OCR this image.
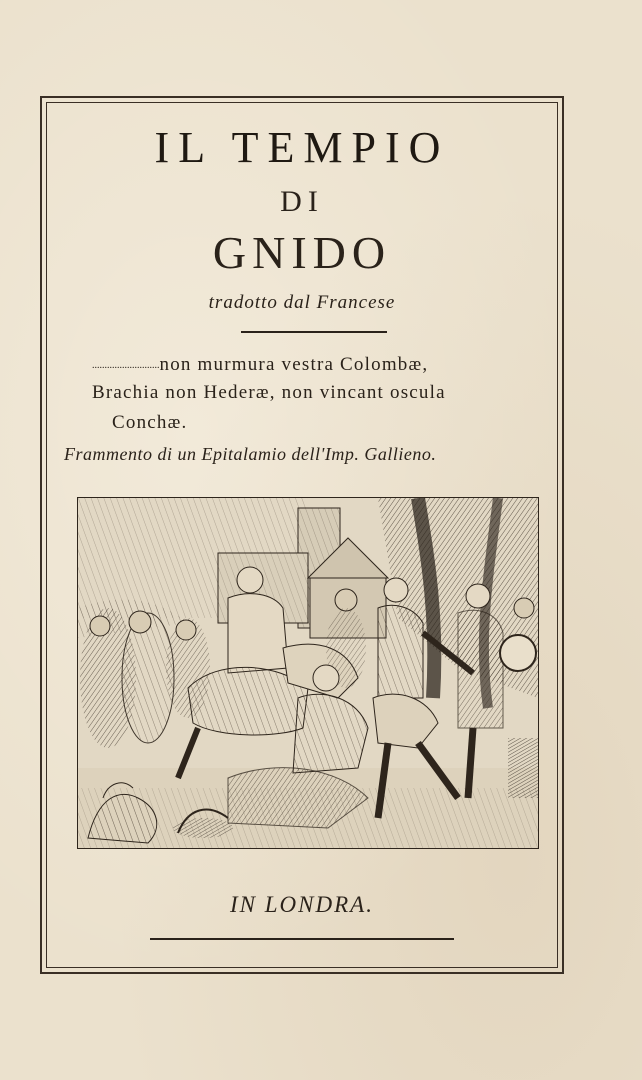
IL TEMPIO
DI
GNIDO
tradotto dal Francese
...........................non murmura vestra Colombæ,
Brachia non Hederæ, non vincant oscula
Conchæ.
Frammento di un Epitalamio dell'Imp. Gallieno.
IN LONDRA.
